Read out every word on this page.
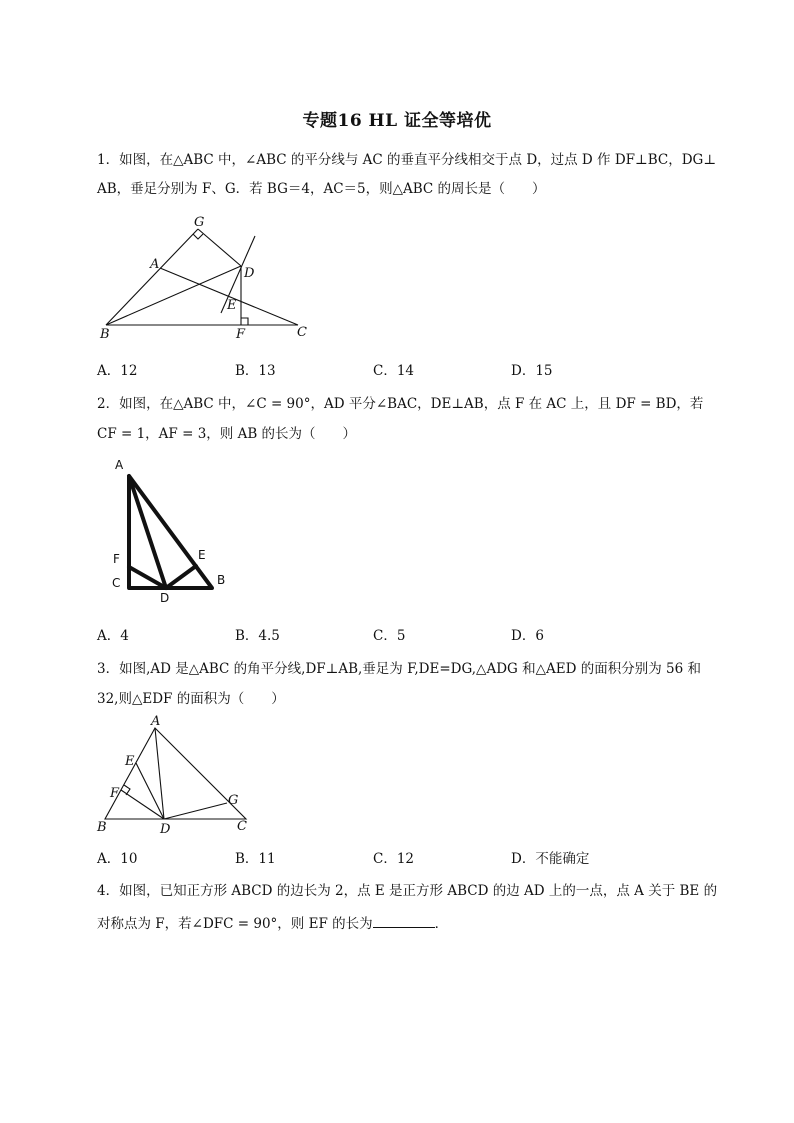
专题16 HL 证全等培优
1．如图，在△ABC 中，∠ABC 的平分线与 AC 的垂直平分线相交于点 D，过点 D 作 DF⊥BC，DG⊥
AB，垂足分别为 F、G．若 BG＝4，AC＝5，则△ABC 的周长是（　　）
G
A
D
E
B	F	C
A．12	B．13	C．14	D．15
2．如图，在△ABC 中，∠C = 90°，AD 平分∠BAC，DE⊥AB，点 F 在 AC 上，且 DF = BD，若
CF = 1，AF = 3，则 AB 的长为（　　）
A
F
C
D
E
B
A．4	B．4.5	C．5	D．6
3．如图,AD 是△ABC 的角平分线,DF⊥AB,垂足为 F,DE=DG,△ADG 和△AED 的面积分别为 56 和
32,则△EDF 的面积为（　　）
A
E
F	G
B	D	C
A．10	B．11	C．12	D．不能确定
4．如图，已知正方形 ABCD 的边长为 2，点 E 是正方形 ABCD 的边 AD 上的一点，点 A 关于 BE 的
对称点为 F，若∠DFC = 90°，则 EF 的长为	．
